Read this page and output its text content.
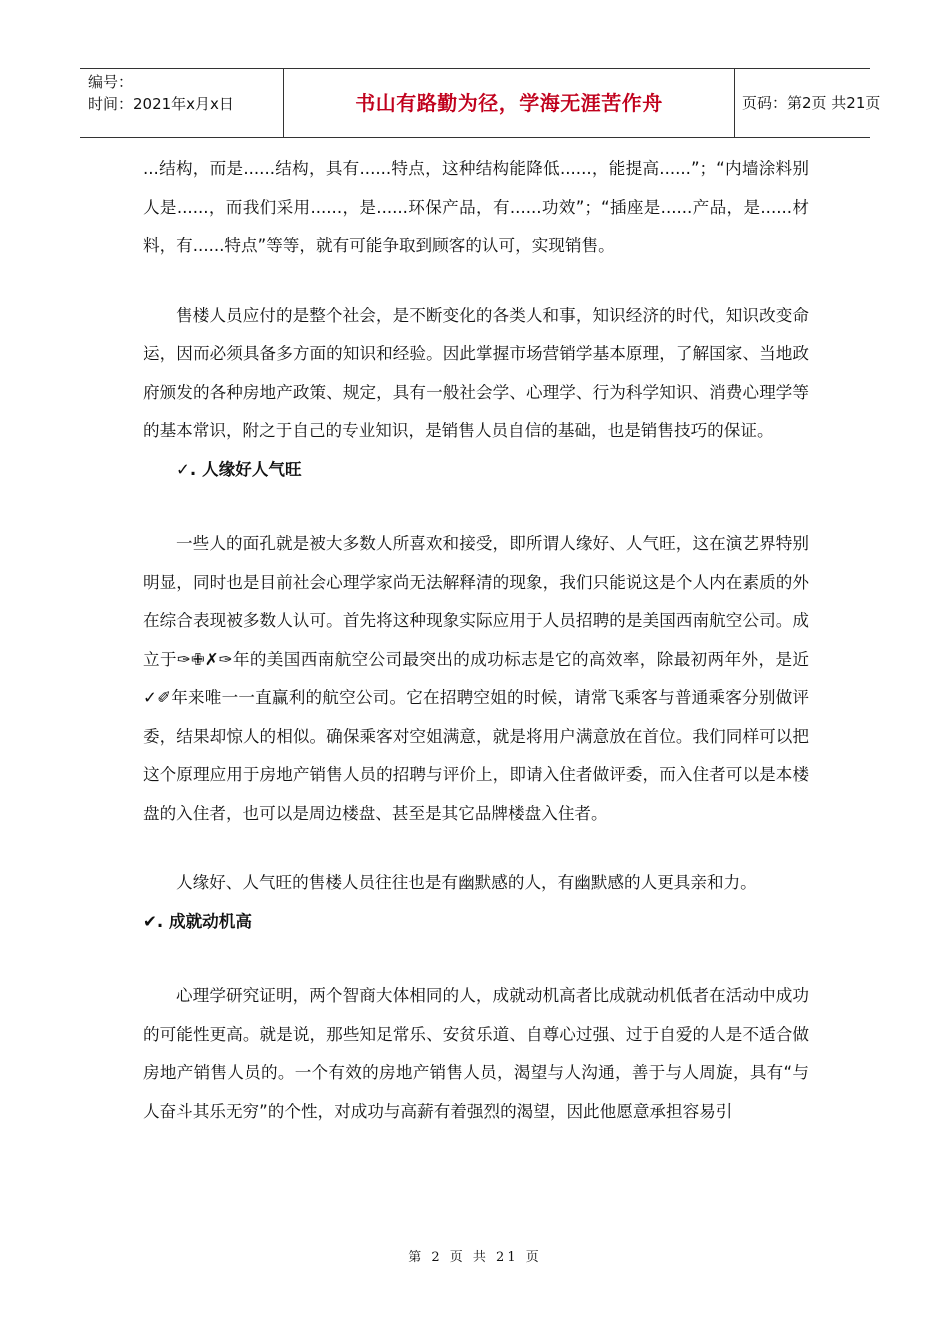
编号：
时间：2021年x月x日	书山有路勤为径，学海无涯苦作舟	页码：第2页 共21页

...结构，而是......结构，具有......特点，这种结构能降低......，能提高......”；“内墙涂料别人是......，而我们采用......，是......环保产品，有......功效”；“插座是......产品，是......材料，有......特点”等等，就有可能争取到顾客的认可，实现销售。

售楼人员应付的是整个社会，是不断变化的各类人和事，知识经济的时代，知识改变命运，因而必须具备多方面的知识和经验。因此掌握市场营销学基本原理，了解国家、当地政府颁发的各种房地产政策、规定，具有一般社会学、心理学、行为科学知识、消费心理学等的基本常识，附之于自己的专业知识，是销售人员自信的基础，也是销售技巧的保证。

✓. 人缘好人气旺

一些人的面孔就是被大多数人所喜欢和接受，即所谓人缘好、人气旺，这在演艺界特别明显，同时也是目前社会心理学家尚无法解释清的现象，我们只能说这是个人内在素质的外在综合表现被多数人认可。首先将这种现象实际应用于人员招聘的是美国西南航空公司。成立于✑✙✗✑年的美国西南航空公司最突出的成功标志是它的高效率，除最初两年外，是近✓✐年来唯一一直赢利的航空公司。它在招聘空姐的时候，请常飞乘客与普通乘客分别做评委，结果却惊人的相似。确保乘客对空姐满意，就是将用户满意放在首位。我们同样可以把这个原理应用于房地产销售人员的招聘与评价上，即请入住者做评委，而入住者可以是本楼盘的入住者，也可以是周边楼盘、甚至是其它品牌楼盘入住者。

人缘好、人气旺的售楼人员往往也是有幽默感的人，有幽默感的人更具亲和力。

✔. 成就动机高

心理学研究证明，两个智商大体相同的人，成就动机高者比成就动机低者在活动中成功的可能性更高。就是说，那些知足常乐、安贫乐道、自尊心过强、过于自爱的人是不适合做房地产销售人员的。一个有效的房地产销售人员，渴望与人沟通，善于与人周旋，具有“与人奋斗其乐无穷”的个性，对成功与高薪有着强烈的渴望，因此他愿意承担容易引

第 2 页 共 21 页
